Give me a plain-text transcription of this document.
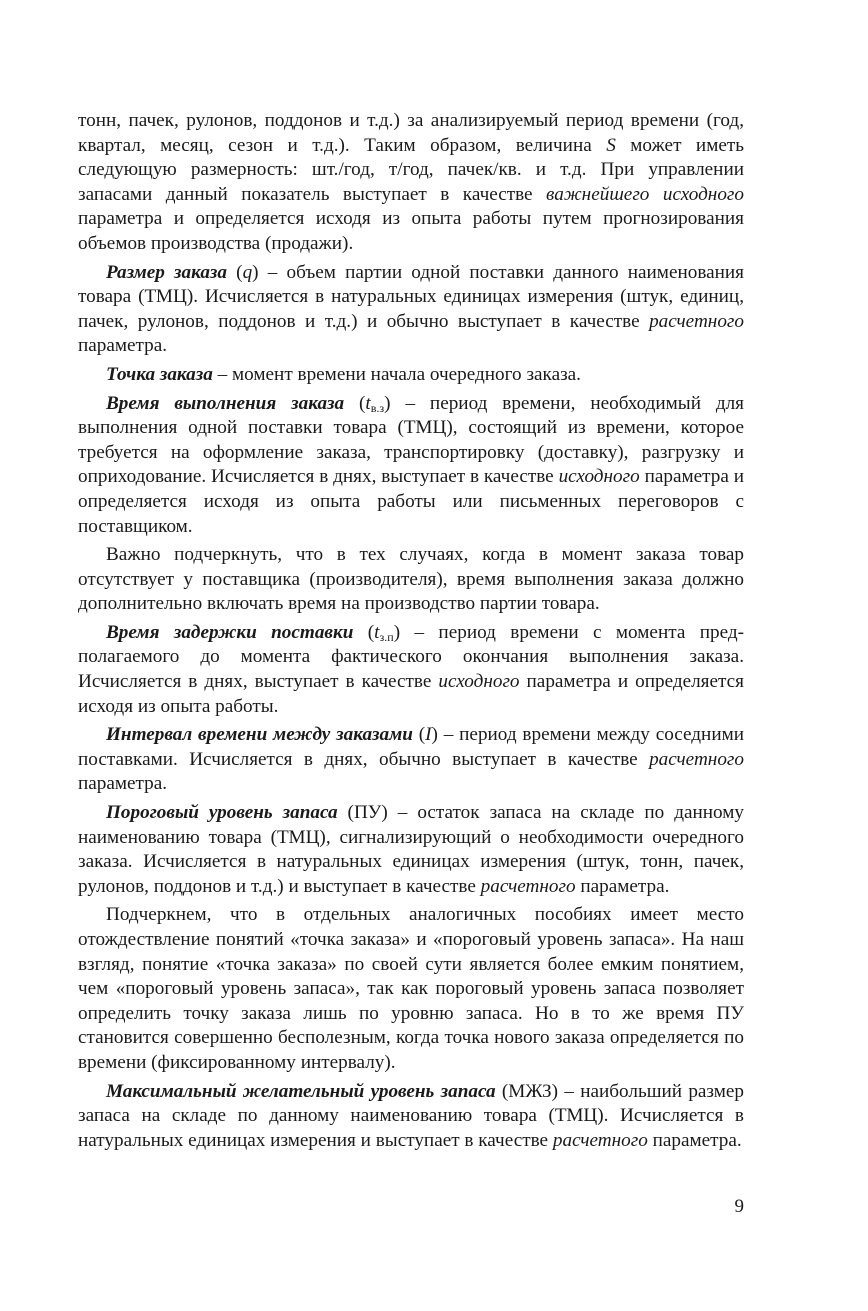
тонн, пачек, рулонов, поддонов и т.д.) за анализируемый период времени (год, квартал, месяц, сезон и т.д.). Таким образом, величина S может иметь следующую размерность: шт./год, т/год, пачек/кв. и т.д. При управлении запасами данный показатель выступает в качестве важнейшего исходного параметра и определяется исходя из опыта работы путем прогнозирования объемов производства (продажи).

Размер заказа (q) – объем партии одной поставки данного наименования товара (ТМЦ). Исчисляется в натуральных единицах измерения (штук, единиц, пачек, рулонов, поддонов и т.д.) и обычно выступает в качестве расчетного параметра.

Точка заказа – момент времени начала очередного заказа.

Время выполнения заказа $(t_{в.з})$ – период времени, необходимый для выполнения одной поставки товара (ТМЦ), состоящий из времени, которое требуется на оформление заказа, транспортировку (доставку), разгрузку и оприходование. Исчисляется в днях, выступает в качестве исходного параметра и определяется исходя из опыта работы или письменных переговоров с поставщиком.

Важно подчеркнуть, что в тех случаях, когда в момент заказа товар отсутствует у поставщика (производителя), время выполнения заказа должно дополнительно включать время на производство партии товара.

Время задержки поставки $(t_{з.п})$ – период времени с момента предполагаемого до момента фактического окончания выполнения заказа. Исчисляется в днях, выступает в качестве исходного параметра и определяется исходя из опыта работы.

Интервал времени между заказами (I) – период времени между соседними поставками. Исчисляется в днях, обычно выступает в качестве расчетного параметра.

Пороговый уровень запаса (ПУ) – остаток запаса на складе по данному наименованию товара (ТМЦ), сигнализирующий о необходимости очередного заказа. Исчисляется в натуральных единицах измерения (штук, тонн, пачек, рулонов, поддонов и т.д.) и выступает в качестве расчетного параметра.

Подчеркнем, что в отдельных аналогичных пособиях имеет место отождествление понятий «точка заказа» и «пороговый уровень запаса». На наш взгляд, понятие «точка заказа» по своей сути является более емким понятием, чем «пороговый уровень запаса», так как пороговый уровень запаса позволяет определить точку заказа лишь по уровню запаса. Но в то же время ПУ становится совершенно бесполезным, когда точка нового заказа определяется по времени (фиксированному интервалу).

Максимальный желательный уровень запаса (МЖЗ) – наибольший размер запаса на складе по данному наименованию товара (ТМЦ). Исчисляется в натуральных единицах измерения и выступает в качестве расчетного параметра.

9
